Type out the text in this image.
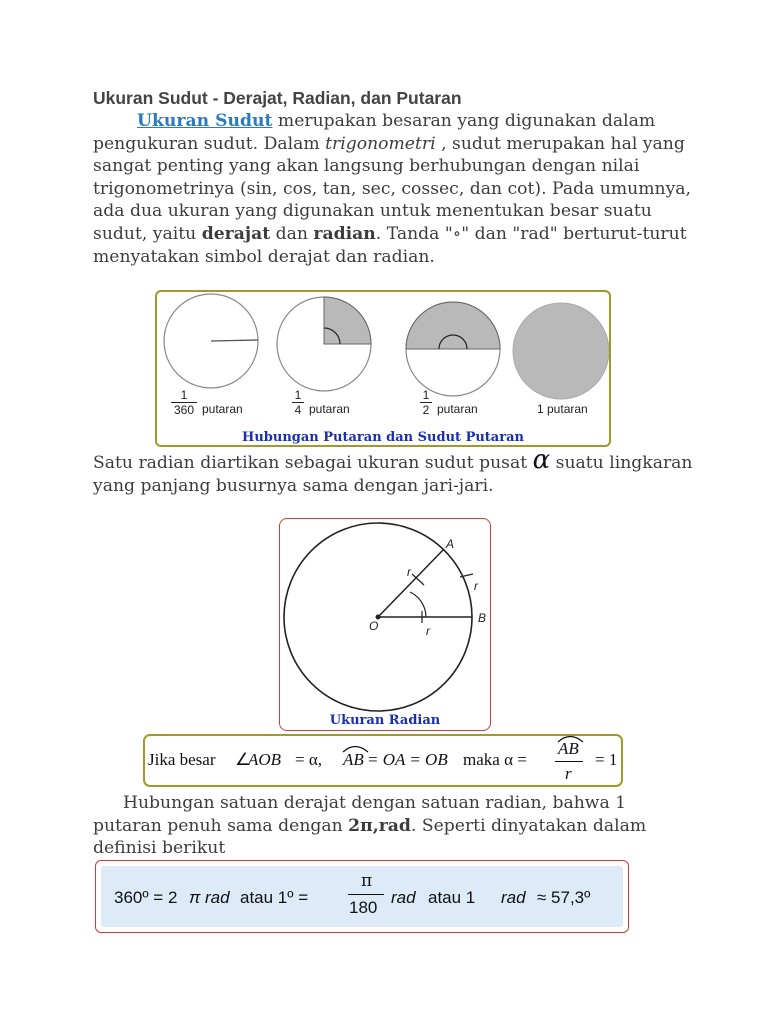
Ukuran Sudut - Derajat, Radian, dan Putaran
Ukuran Sudut merupakan besaran yang digunakan dalam pengukuran sudut. Dalam trigonometri , sudut merupakan hal yang sangat penting yang akan langsung berhubungan dengan nilai trigonometrinya (sin, cos, tan, sec, cossec, dan cot). Pada umumnya, ada dua ukuran yang digunakan untuk menentukan besar suatu sudut, yaitu derajat dan radian. Tanda "∘" dan "rad" berturut-turut menyatakan simbol derajat dan radian.
$\frac{1}{360}$ putaran	$\frac{1}{4}$ putaran	$\frac{1}{2}$ putaran	1 putaran
Hubungan Putaran dan Sudut Putaran
Satu radian diartikan sebagai ukuran sudut pusat α suatu lingkaran yang panjang busurnya sama dengan jari-jari.
A
B
O
r
r
r
Ukuran Radian
Jika besar ∠
AOB = α, AB = OA = OB maka α =
AB
r
= 1
Hubungan satuan derajat dengan satuan radian, bahwa 1 putaran penuh sama dengan 2π,rad. Seperti dinyatakan dalam definisi berikut
360º = 2 π rad atau 1º =
π
180
rad atau 1 rad ≈ 57,3º
